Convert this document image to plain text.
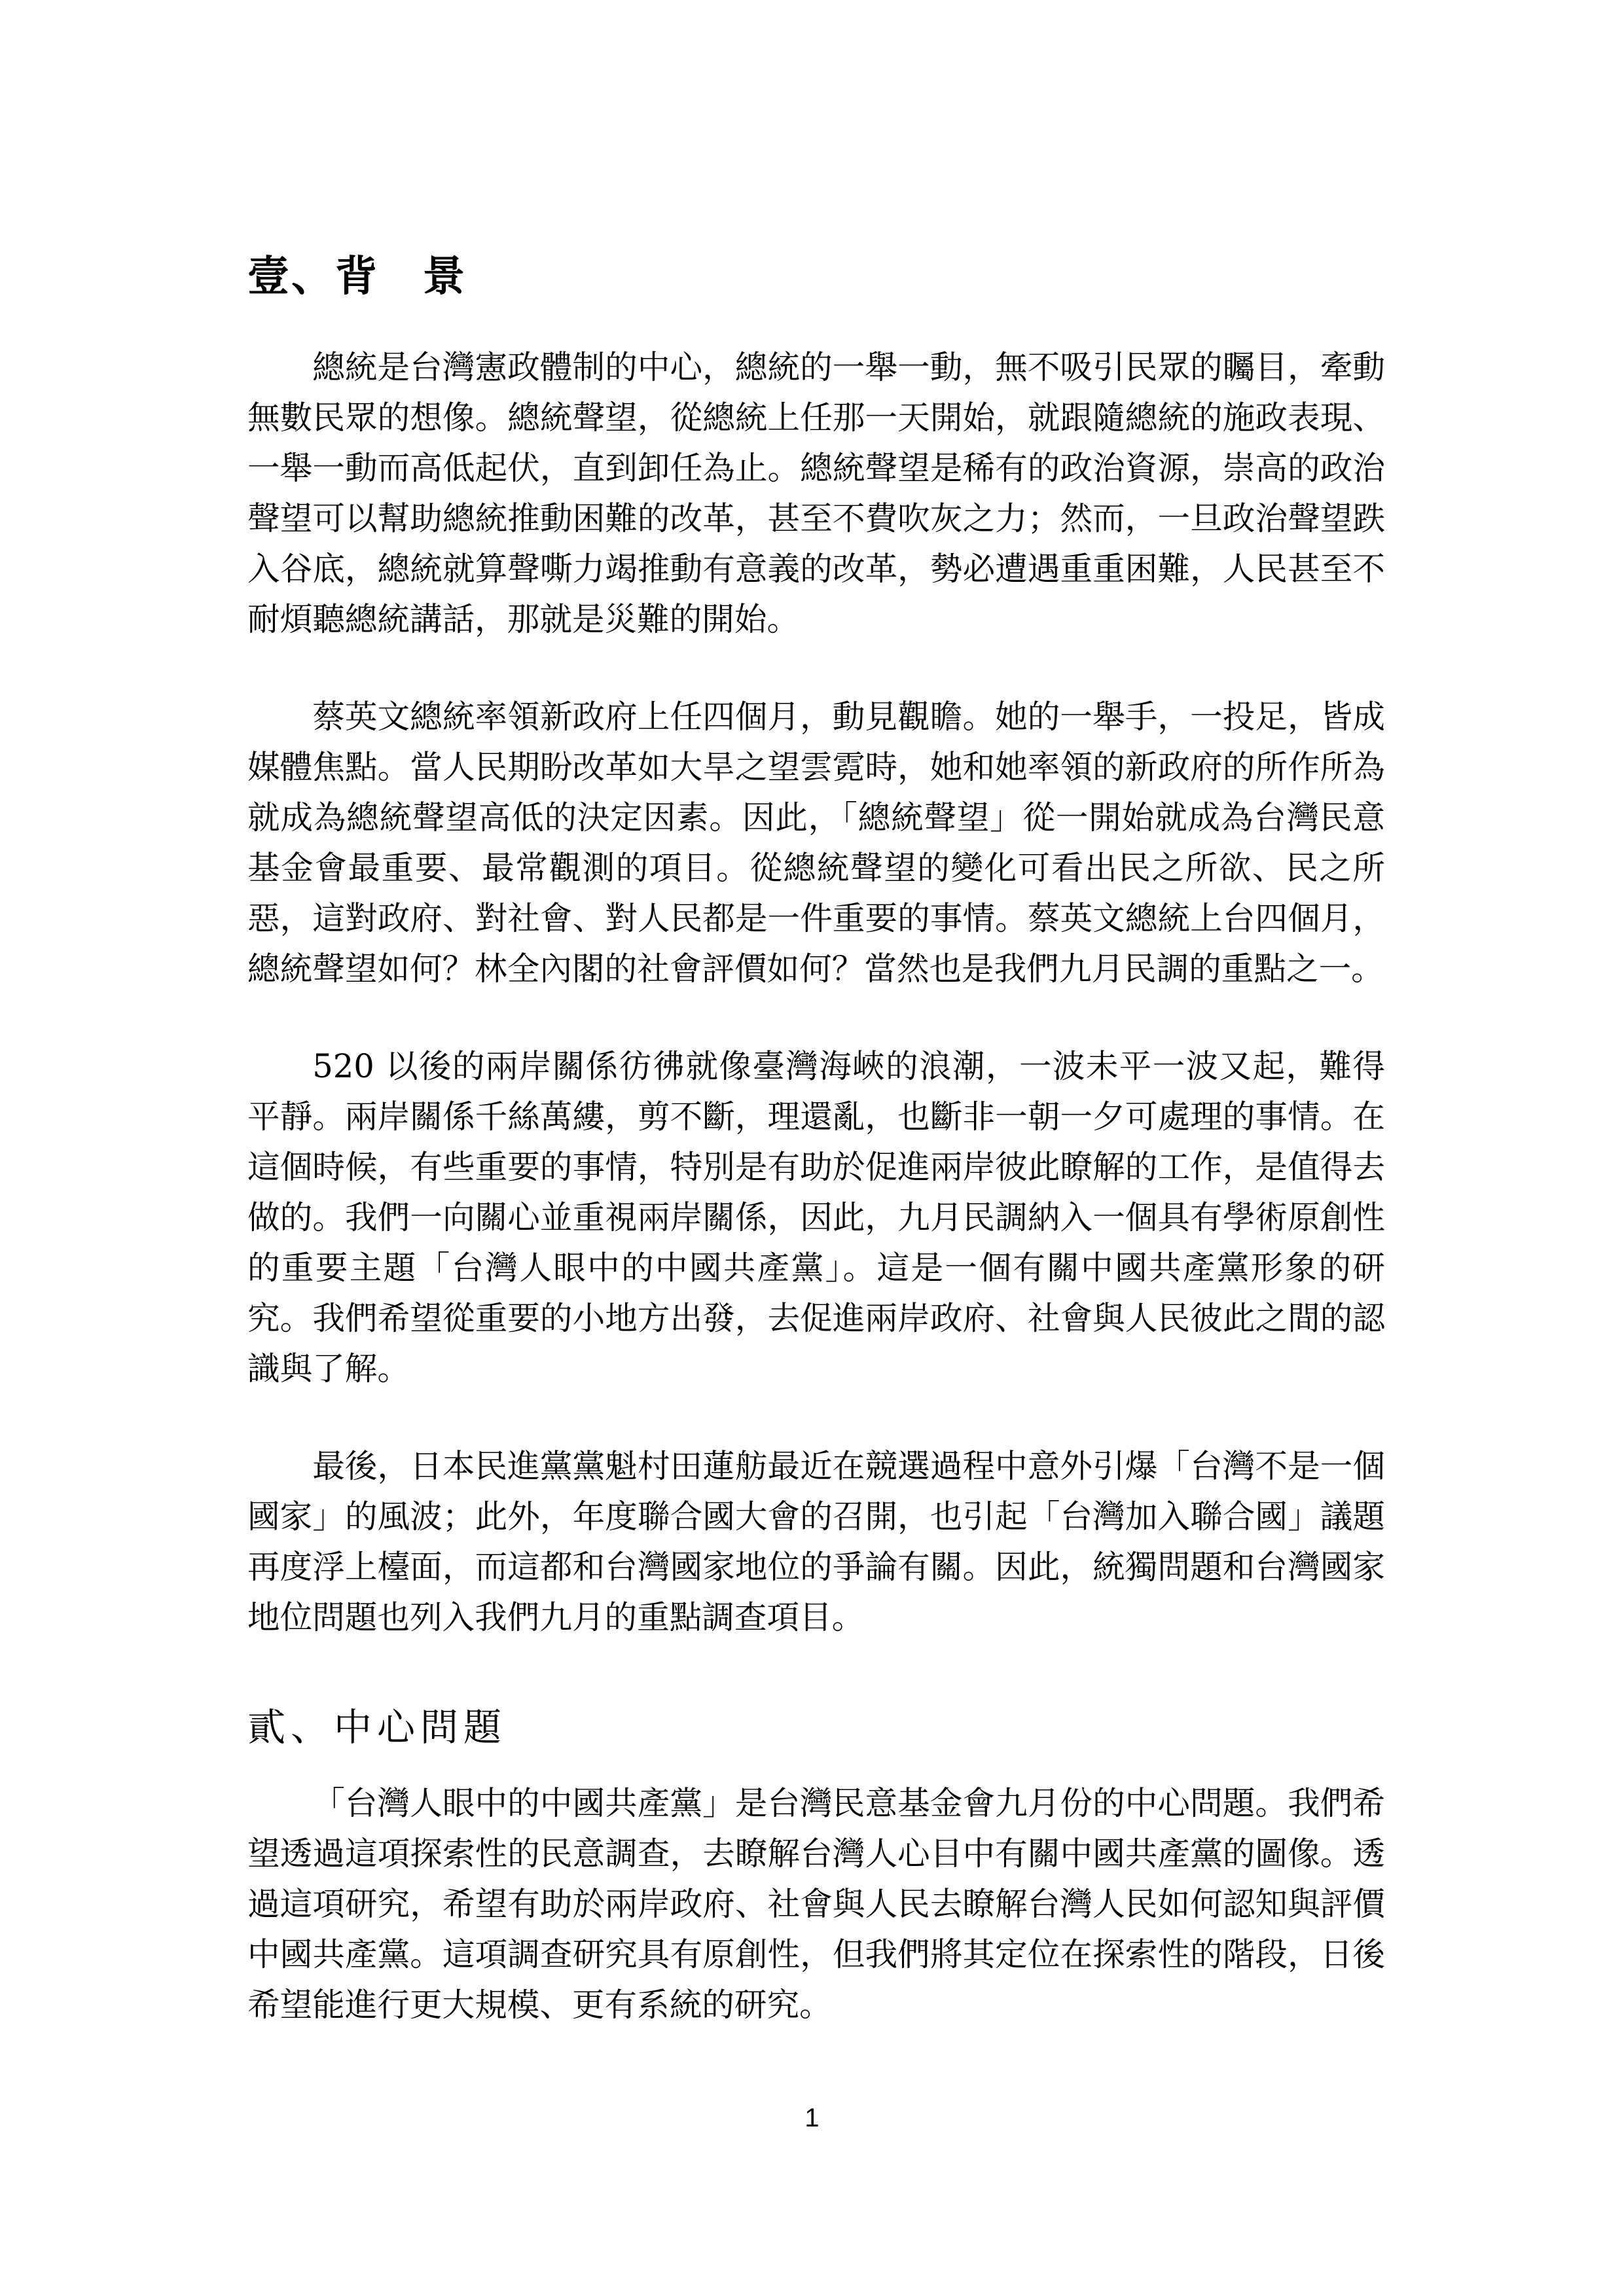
壹、背　景

總統是台灣憲政體制的中心，總統的一舉一動，無不吸引民眾的矚目，牽動無數民眾的想像。總統聲望，從總統上任那一天開始，就跟隨總統的施政表現、一舉一動而高低起伏，直到卸任為止。總統聲望是稀有的政治資源，崇高的政治聲望可以幫助總統推動困難的改革，甚至不費吹灰之力；然而，一旦政治聲望跌入谷底，總統就算聲嘶力竭推動有意義的改革，勢必遭遇重重困難，人民甚至不耐煩聽總統講話，那就是災難的開始。

蔡英文總統率領新政府上任四個月，動見觀瞻。她的一舉手，一投足，皆成媒體焦點。當人民期盼改革如大旱之望雲霓時，她和她率領的新政府的所作所為就成為總統聲望高低的決定因素。因此，「總統聲望」從一開始就成為台灣民意基金會最重要、最常觀測的項目。從總統聲望的變化可看出民之所欲、民之所惡，這對政府、對社會、對人民都是一件重要的事情。蔡英文總統上台四個月，總統聲望如何？林全內閣的社會評價如何？當然也是我們九月民調的重點之一。

520 以後的兩岸關係彷彿就像臺灣海峽的浪潮，一波未平一波又起，難得平靜。兩岸關係千絲萬縷，剪不斷，理還亂，也斷非一朝一夕可處理的事情。在這個時候，有些重要的事情，特別是有助於促進兩岸彼此瞭解的工作，是值得去做的。我們一向關心並重視兩岸關係，因此，九月民調納入一個具有學術原創性的重要主題「台灣人眼中的中國共產黨」。這是一個有關中國共產黨形象的研究。我們希望從重要的小地方出發，去促進兩岸政府、社會與人民彼此之間的認識與了解。

最後，日本民進黨黨魁村田蓮舫最近在競選過程中意外引爆「台灣不是一個國家」的風波；此外，年度聯合國大會的召開，也引起「台灣加入聯合國」議題再度浮上檯面，而這都和台灣國家地位的爭論有關。因此，統獨問題和台灣國家地位問題也列入我們九月的重點調查項目。

貳、中心問題

「台灣人眼中的中國共產黨」是台灣民意基金會九月份的中心問題。我們希望透過這項探索性的民意調查，去瞭解台灣人心目中有關中國共產黨的圖像。透過這項研究，希望有助於兩岸政府、社會與人民去瞭解台灣人民如何認知與評價中國共產黨。這項調查研究具有原創性，但我們將其定位在探索性的階段，日後希望能進行更大規模、更有系統的研究。

1
